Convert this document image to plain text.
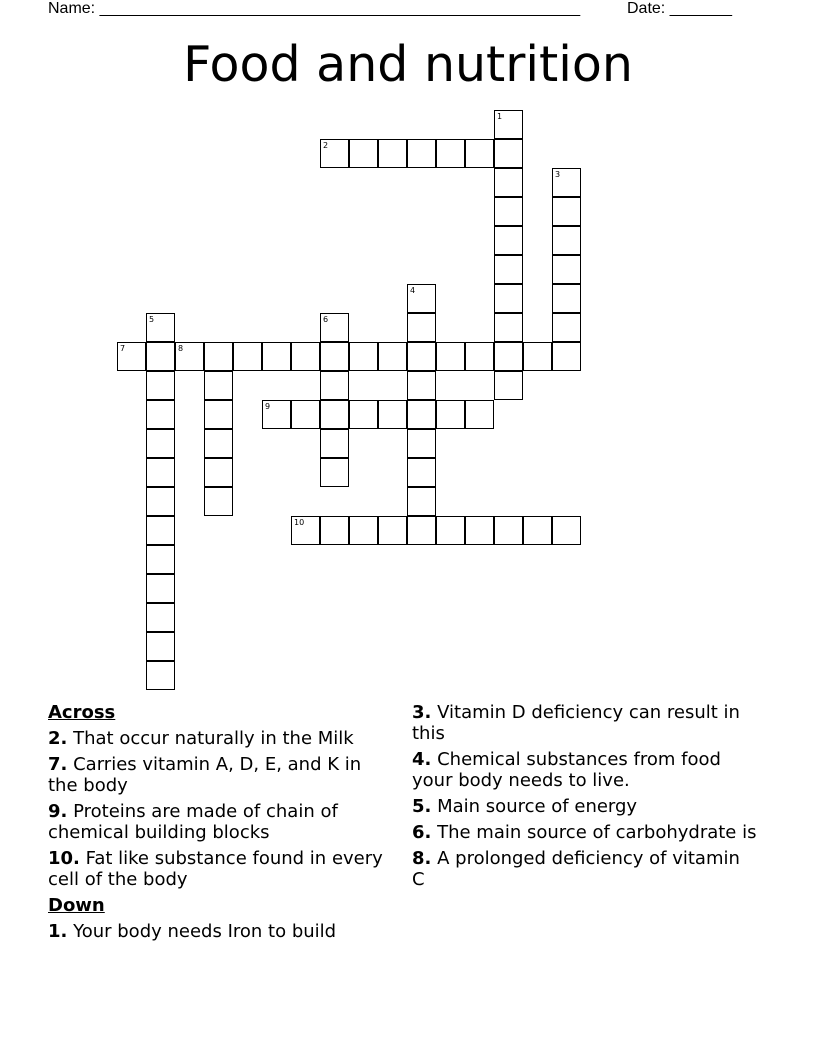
Name: ______________________________________________________	Date: _______
Food and nutrition
1
2
3
4
5	6
7	8
9
10
Across
2. That occur naturally in the Milk
7. Carries vitamin A, D, E, and K in the body
9. Proteins are made of chain of chemical building blocks
10. Fat like substance found in every cell of the body
Down
1. Your body needs Iron to build
3. Vitamin D deficiency can result in this
4. Chemical substances from food your body needs to live.
5. Main source of energy
6. The main source of carbohydrate is
8. A prolonged deficiency of vitamin C
